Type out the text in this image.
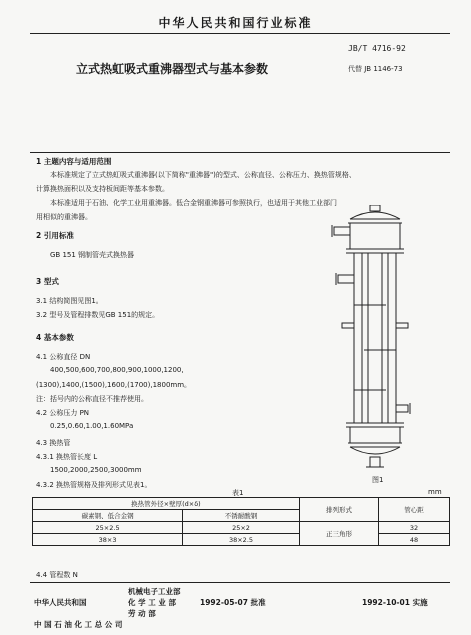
中华人民共和国行业标准
JB/T 4716-92
立式热虹吸式重沸器型式与基本参数	代替 JB 1146-73
1 主题内容与适用范围
本标准规定了立式热虹吸式重沸器(以下简称"重沸器")的型式、公称直径、公称压力、换热管规格、
计算换热面积以及支持板间距等基本参数。
本标准适用于石油、化学工业用重沸器。低合金钢重沸器可参照执行，也适用于其他工业部门
用相似的重沸器。
2 引用标准
GB 151 钢制管壳式换热器
3 型式
3.1 结构简图见图1。
3.2 型号及管程排数见GB 151的规定。
4 基本参数
4.1 公称直径 DN
400,500,600,700,800,900,1000,1200,
(1300),1400,(1500),1600,(1700),1800mm。
注：括号内的公称直径不推荐使用。
4.2 公称压力 PN
0.25,0.60,1.00,1.60MPa
4.3 换热管
4.3.1 换热管长度 L
1500,2000,2500,3000mm
4.3.2 换热管规格及排列形式见表1。
图1
表1	mm
换热管外径×壁厚(d×δ)		排列形式	管心距
碳素钢、低合金钢	不锈耐酸钢		
25×2.5	25×2	正三角形	32
38×3	38×2.5		48
4.4 管程数 N
中华人民共和国
机械电子工业部
化 学 工 业 部
劳 动 部
1992-05-07 批准
中 国 石 油 化 工 总 公 司
1992-10-01 实施
